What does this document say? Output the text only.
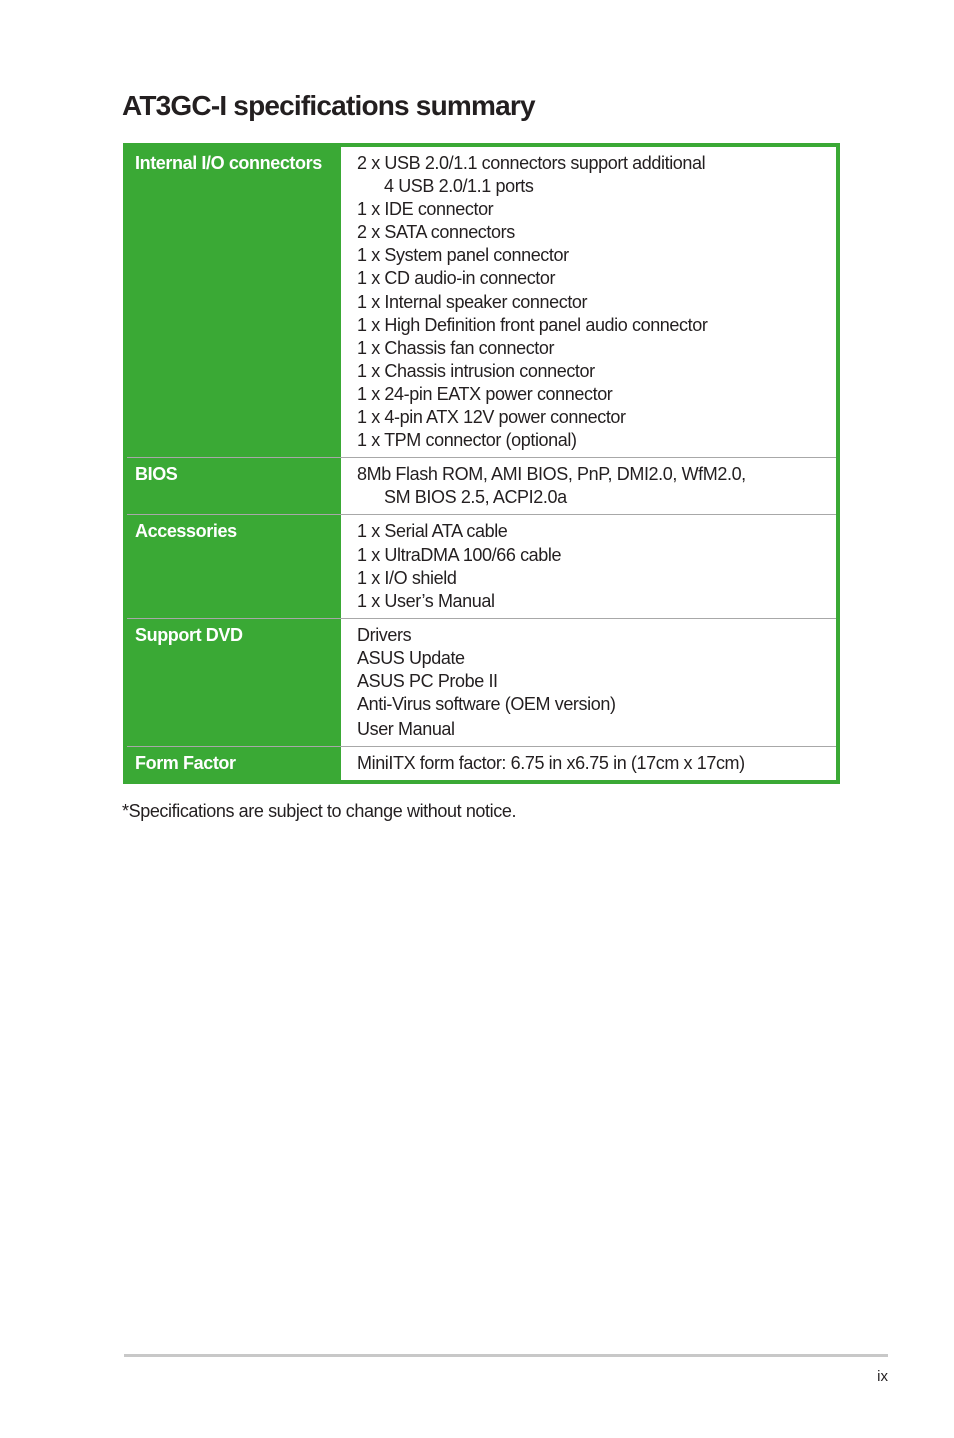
AT3GC-I specifications summary
Internal I/O connectors	2 x USB 2.0/1.1 connectors support additional
4 USB 2.0/1.1 ports
1 x IDE connector
2 x SATA connectors
1 x System panel connector
1 x CD audio-in connector
1 x Internal speaker connector
1 x High Definition front panel audio connector
1 x Chassis fan connector
1 x Chassis intrusion connector
1 x 24-pin EATX power connector
1 x 4-pin ATX 12V power connector
1 x TPM connector (optional)
BIOS	8Mb Flash ROM, AMI BIOS, PnP, DMI2.0, WfM2.0,
SM BIOS 2.5, ACPI2.0a
Accessories	1 x Serial ATA cable
1 x UltraDMA 100/66 cable
1 x I/O shield
1 x User’s Manual
Support DVD	Drivers
ASUS Update
ASUS PC Probe II
Anti-Virus software (OEM version)
User Manual
Form Factor	MiniITX form factor: 6.75 in x6.75 in (17cm x 17cm)
*Specifications are subject to change without notice.
ix
